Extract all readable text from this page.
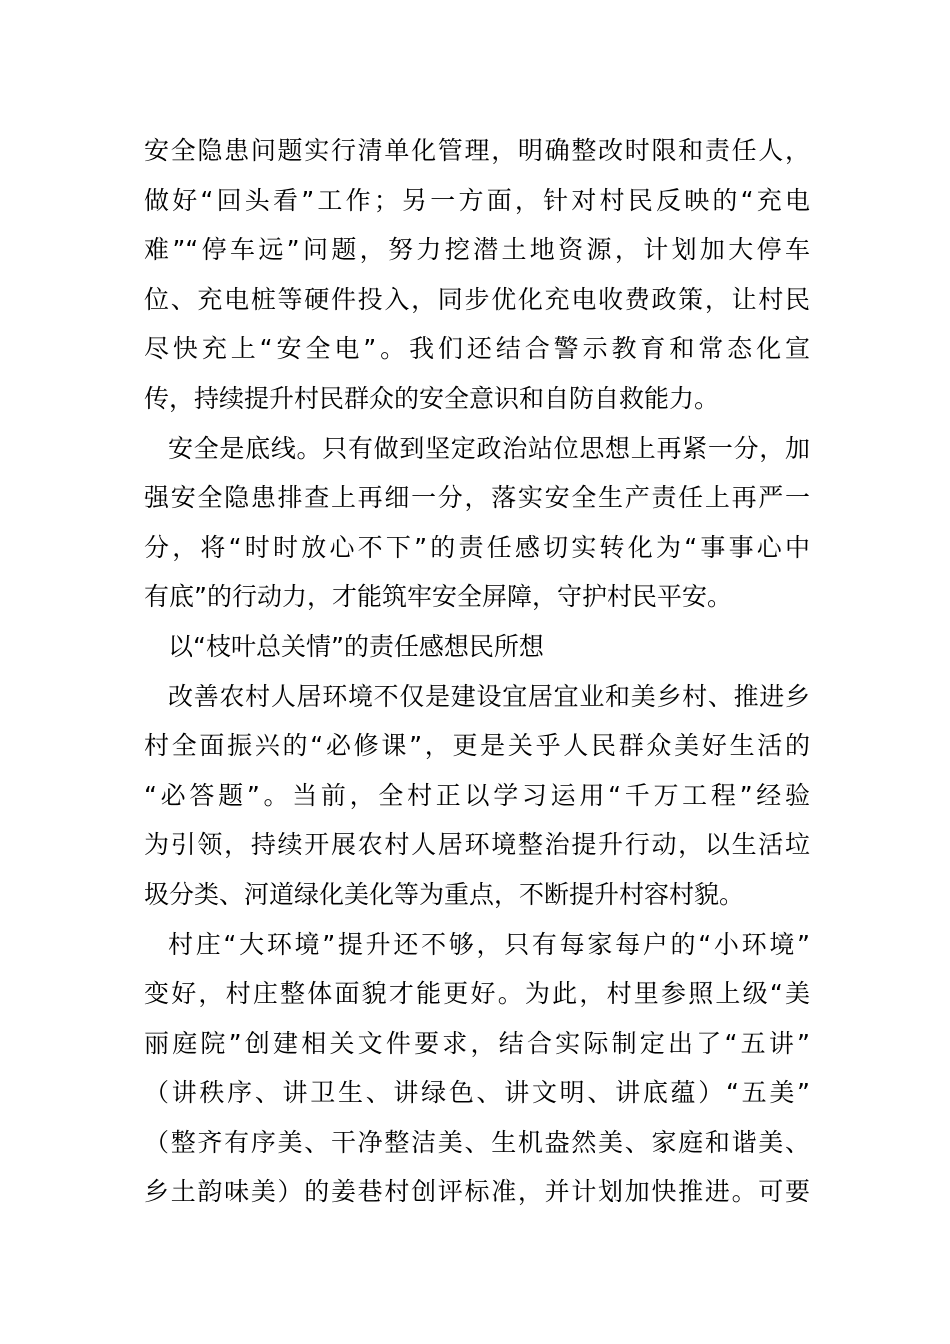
安全隐患问题实行清单化管理，明确整改时限和责任人，
做好“回头看”工作；另一方面，针对村民反映的“充电
难”“停车远”问题，努力挖潜土地资源，计划加大停车
位、充电桩等硬件投入，同步优化充电收费政策，让村民
尽快充上“安全电”。我们还结合警示教育和常态化宣
传，持续提升村民群众的安全意识和自防自救能力。
安全是底线。只有做到坚定政治站位思想上再紧一分，加
强安全隐患排查上再细一分，落实安全生产责任上再严一
分，将“时时放心不下”的责任感切实转化为“事事心中
有底”的行动力，才能筑牢安全屏障，守护村民平安。
以“枝叶总关情”的责任感想民所想
改善农村人居环境不仅是建设宜居宜业和美乡村、推进乡
村全面振兴的“必修课”，更是关乎人民群众美好生活的
“必答题”。当前，全村正以学习运用“千万工程”经验
为引领，持续开展农村人居环境整治提升行动，以生活垃
圾分类、河道绿化美化等为重点，不断提升村容村貌。
村庄“大环境”提升还不够，只有每家每户的“小环境”
变好，村庄整体面貌才能更好。为此，村里参照上级“美
丽庭院”创建相关文件要求，结合实际制定出了“五讲”
（讲秩序、讲卫生、讲绿色、讲文明、讲底蕴）“五美”
（整齐有序美、干净整洁美、生机盎然美、家庭和谐美、
乡土韵味美）的姜巷村创评标准，并计划加快推进。可要
